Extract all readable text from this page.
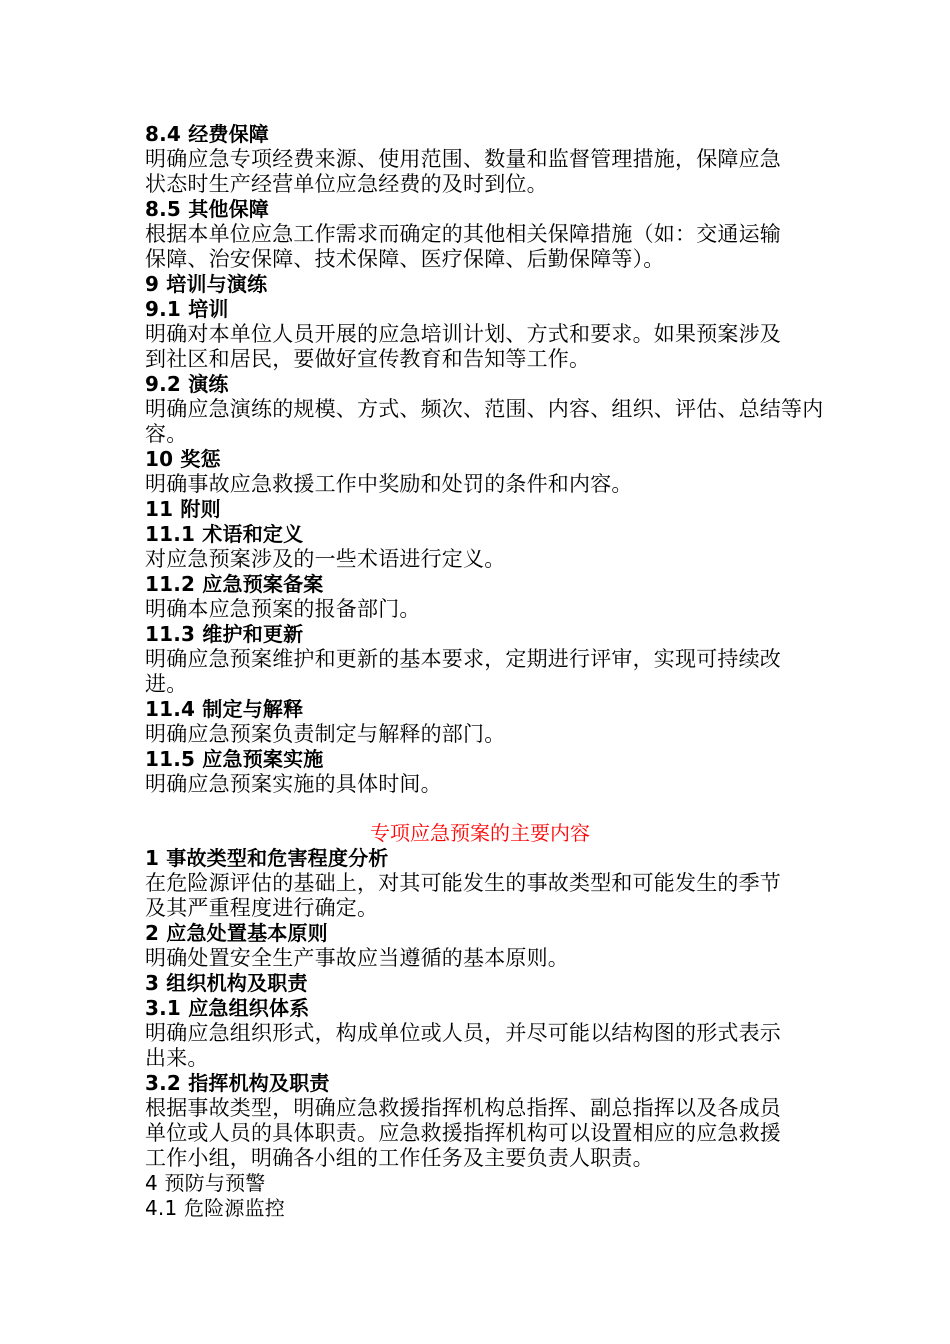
8.4 经费保障
明确应急专项经费来源、使用范围、数量和监督管理措施，保障应急
状态时生产经营单位应急经费的及时到位。
8.5 其他保障
根据本单位应急工作需求而确定的其他相关保障措施（如：交通运输
保障、治安保障、技术保障、医疗保障、后勤保障等）。
9 培训与演练
9.1 培训
明确对本单位人员开展的应急培训计划、方式和要求。如果预案涉及
到社区和居民，要做好宣传教育和告知等工作。
9.2 演练
明确应急演练的规模、方式、频次、范围、内容、组织、评估、总结等内
容。
10 奖惩
明确事故应急救援工作中奖励和处罚的条件和内容。
11 附则
11.1 术语和定义
对应急预案涉及的一些术语进行定义。
11.2 应急预案备案
明确本应急预案的报备部门。
11.3 维护和更新
明确应急预案维护和更新的基本要求，定期进行评审，实现可持续改
进。
11.4 制定与解释
明确应急预案负责制定与解释的部门。
11.5 应急预案实施
明确应急预案实施的具体时间。
专项应急预案的主要内容
1 事故类型和危害程度分析
在危险源评估的基础上，对其可能发生的事故类型和可能发生的季节
及其严重程度进行确定。
2 应急处置基本原则
明确处置安全生产事故应当遵循的基本原则。
3 组织机构及职责
3.1 应急组织体系
明确应急组织形式，构成单位或人员，并尽可能以结构图的形式表示
出来。
3.2 指挥机构及职责
根据事故类型，明确应急救援指挥机构总指挥、副总指挥以及各成员
单位或人员的具体职责。应急救援指挥机构可以设置相应的应急救援
工作小组，明确各小组的工作任务及主要负责人职责。
4 预防与预警
4.1 危险源监控
